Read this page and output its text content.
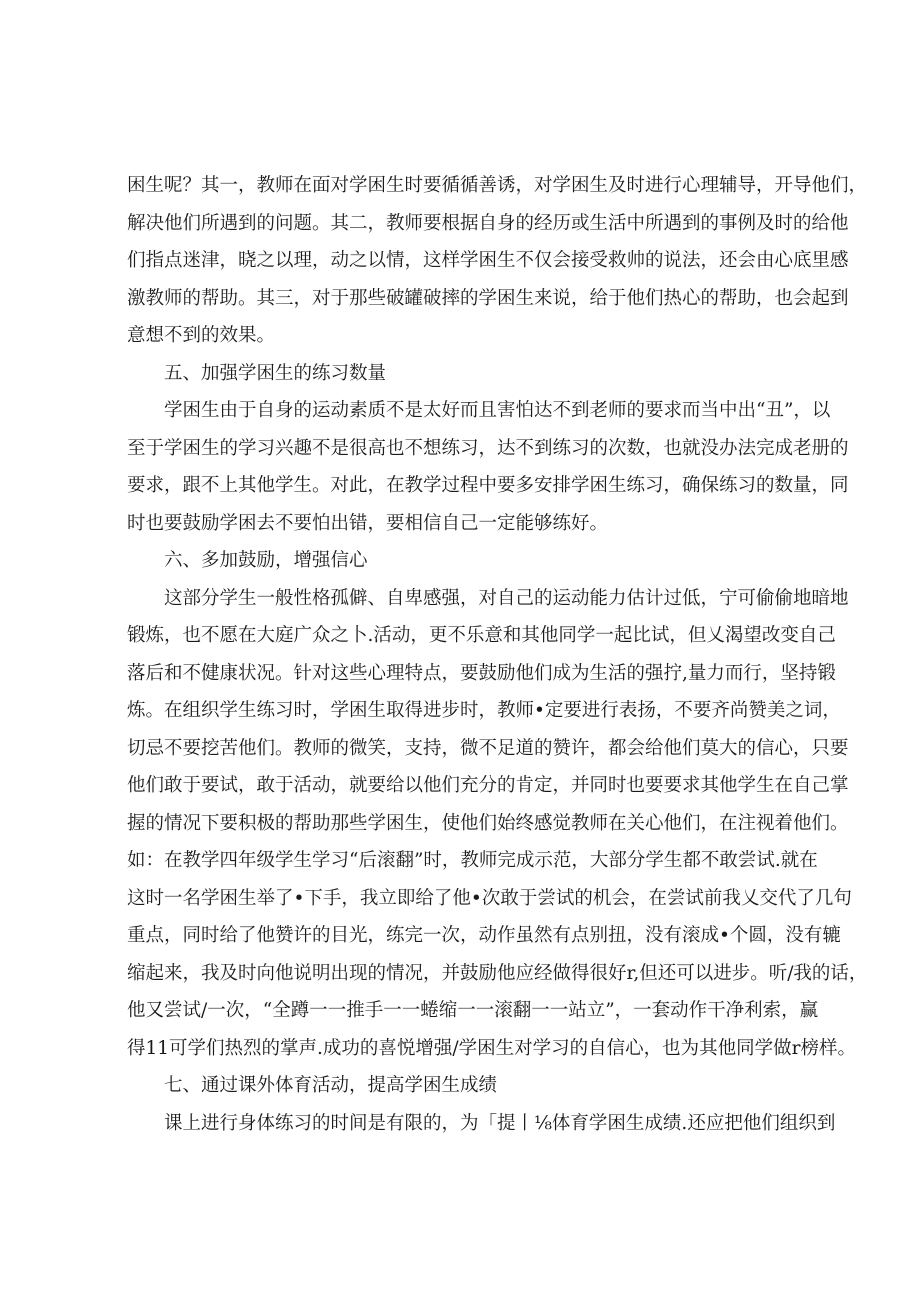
困生呢？其一，教师在面对学困生时要循循善诱，对学困生及时进行心理辅导，开导他们，
解决他们所遇到的问题。其二，教师要根据自身的经历或生活中所遇到的事例及时的给他
们指点迷津，晓之以理，动之以情，这样学困生不仅会接受救帅的说法，还会由心底里感
激教师的帮助。其三，对于那些破罐破摔的学困生来说，给于他们热心的帮助，也会起到
意想不到的效果。
五、加强学困生的练习数量
学困生由于自身的运动素质不是太好而且害怕达不到老师的要求而当中出“丑”，以
至于学困生的学习兴趣不是很高也不想练习，达不到练习的次数，也就没办法完成老册的
要求，跟不上其他学生。对此，在教学过程中要多安排学困生练习，确保练习的数量，同
时也要鼓励学困去不要怕出错，要相信自己一定能够练好。
六、多加鼓励，增强信心
这部分学生一般性格孤僻、自卑感强，对自己的运动能力估计过低，宁可偷偷地暗地
锻炼，也不愿在大庭广众之卜.活动，更不乐意和其他同学一起比试，但乂渴望改变自己
落后和不健康状况。针对这些心理特点，要鼓励他们成为生活的强拧,量力而行，坚持锻
炼。在组织学生练习时，学困生取得进步时，教师•定要进行表扬，不要齐尚赞美之词，
切忌不要挖苦他们。教师的微笑，支持，微不足道的赞许，都会给他们莫大的信心，只要
他们敢于要试，敢于活动，就要给以他们充分的肯定，并同时也要要求其他学生在自己掌
握的情况下要积极的帮助那些学困生，使他们始终感觉教师在关心他们，在注视着他们。
如：在教学四年级学生学习“后滚翻”时，教师完成示范，大部分学生都不敢尝试.就在
这时一名学困生举了•下手，我立即给了他•次敢于尝试的机会，在尝试前我乂交代了几句
重点，同时给了他赞许的目光，练完一次，动作虽然有点别扭，没有滚成•个圆，没有辘
缩起来，我及时向他说明出现的情况，并鼓励他应经做得很好r,但还可以进步。听/我的话，
他又尝试/一次，“全蹲一一推手一一蜷缩一一滚翻一一站立”，一套动作干净利索，赢
得11可学们热烈的掌声.成功的喜悦增强/学困生对学习的自信心，也为其他同学做r榜样。
七、通过课外体育活动，提高学困生成绩
课上进行身体练习的时间是有限的，为「提丨⅛体育学困生成绩.还应把他们组织到
